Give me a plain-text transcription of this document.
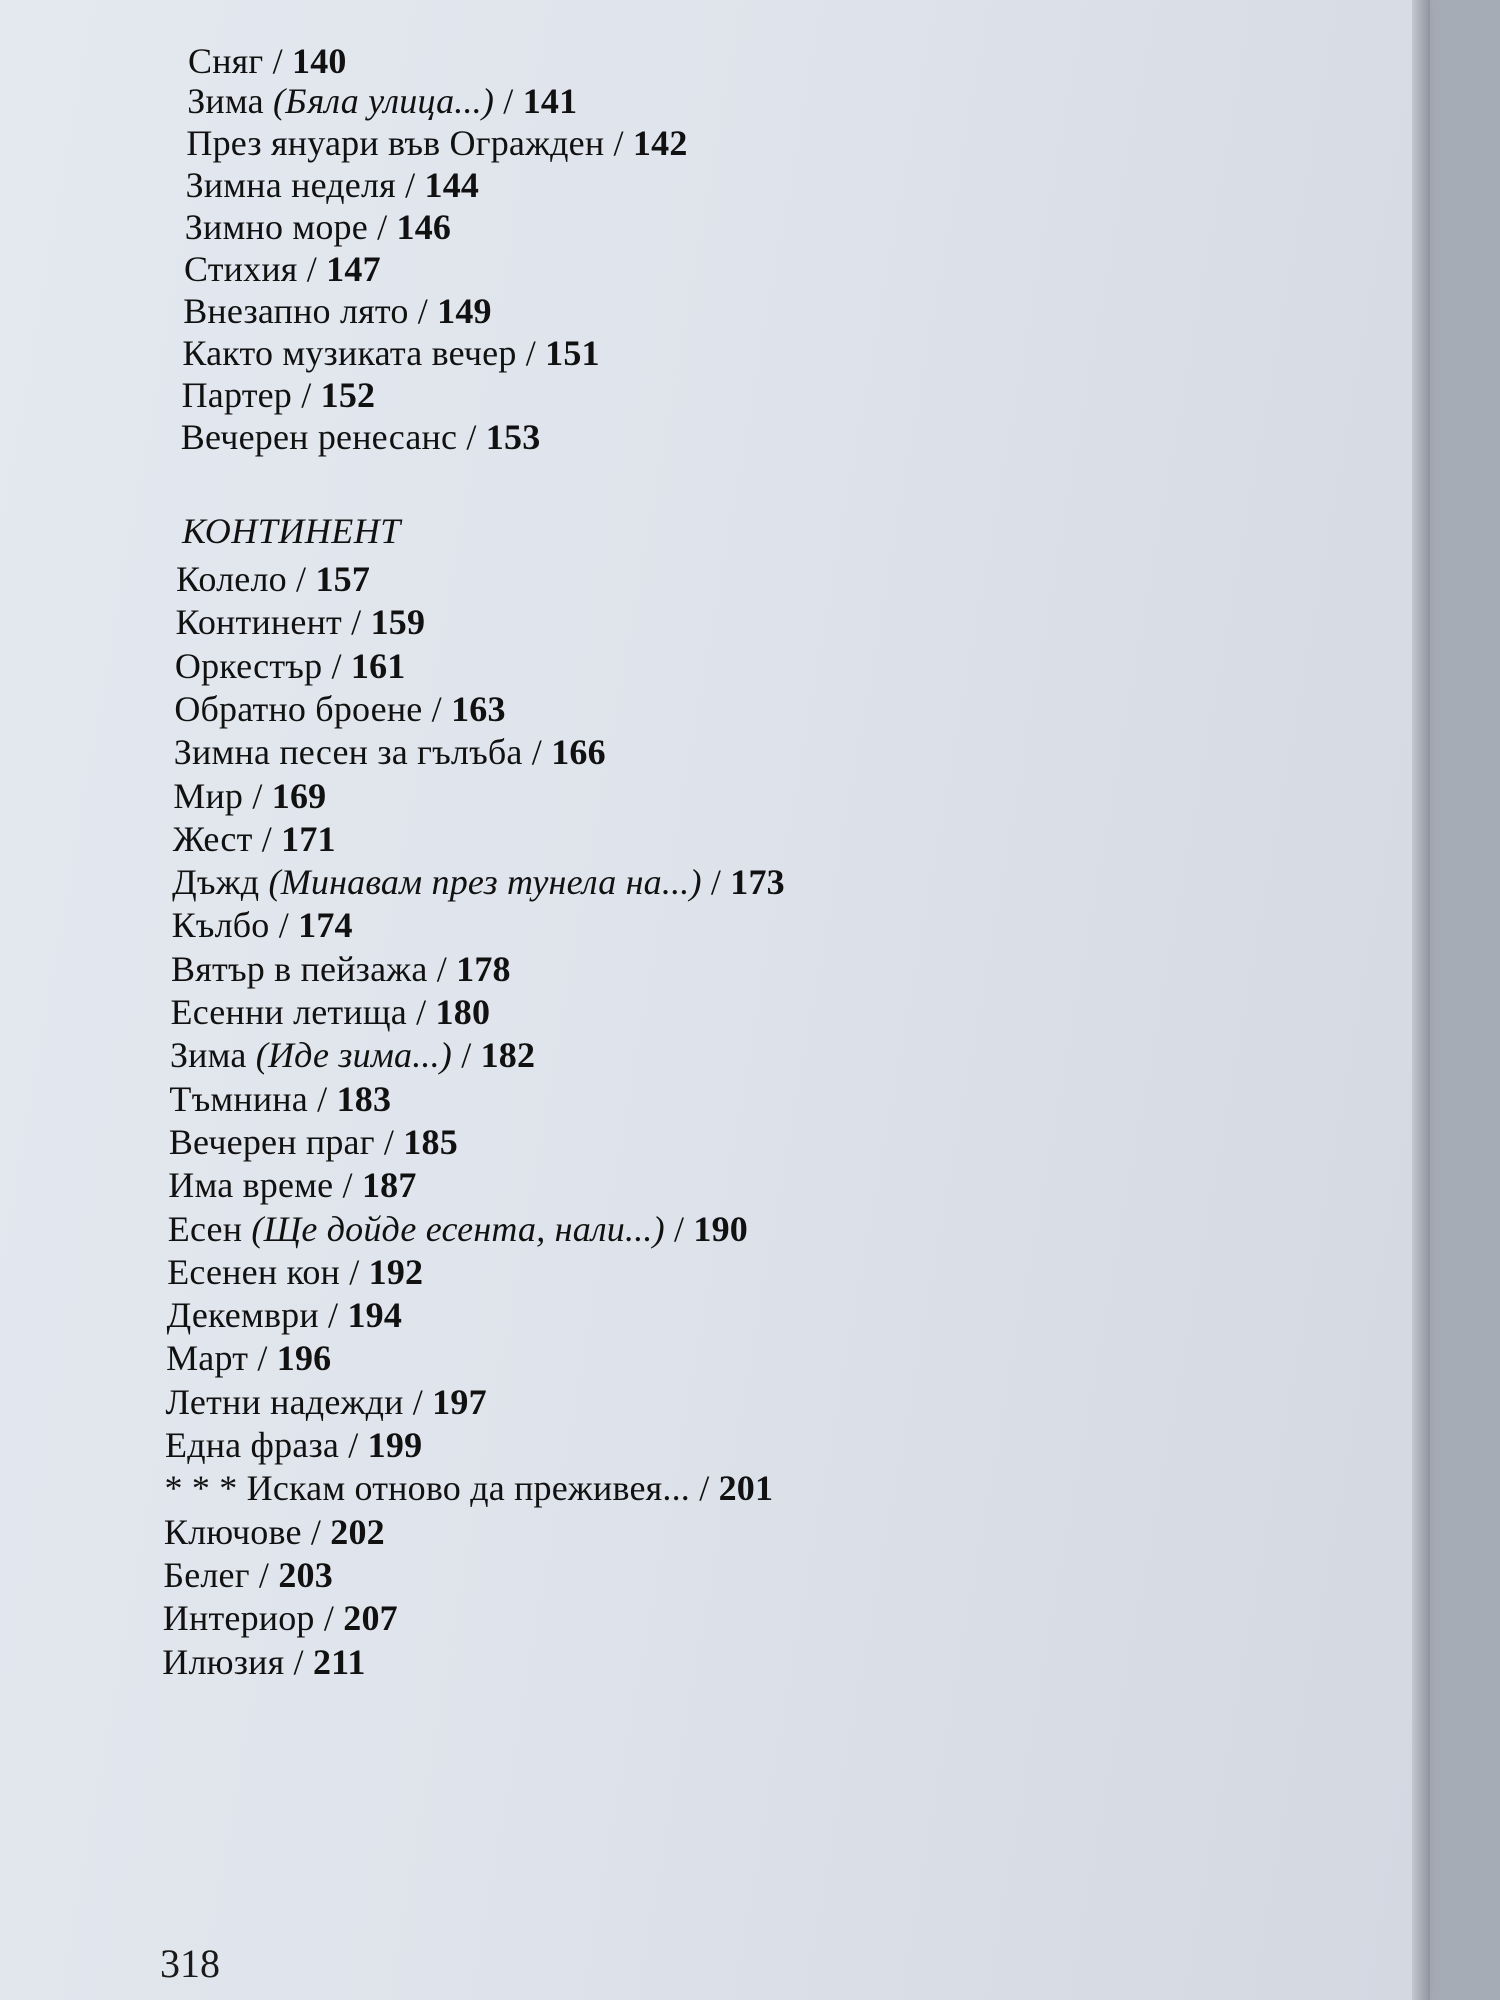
Сняг / 140
Зима (Бяла улица...) / 141
През януари във Огражден / 142
Зимна неделя / 144
Зимно море / 146
Стихия / 147
Внезапно лято / 149
Както музиката вечер / 151
Партер / 152
Вечерен ренесанс / 153
КОНТИНЕНТ
Колело / 157
Континент / 159
Оркестър / 161
Обратно броене / 163
Зимна песен за гълъба / 166
Мир / 169
Жест / 171
Дъжд (Минавам през тунела на...) / 173
Кълбо / 174
Вятър в пейзажа / 178
Есенни летища / 180
Зима (Иде зима...) / 182
Тъмнина / 183
Вечерен праг / 185
Има време / 187
Есен (Ще дойде есента, нали...) / 190
Есенен кон / 192
Декември / 194
Март / 196
Летни надежди / 197
Една фраза / 199
* * * Искам отново да преживея... / 201
Ключове / 202
Белег / 203
Интериор / 207
Илюзия / 211
318
